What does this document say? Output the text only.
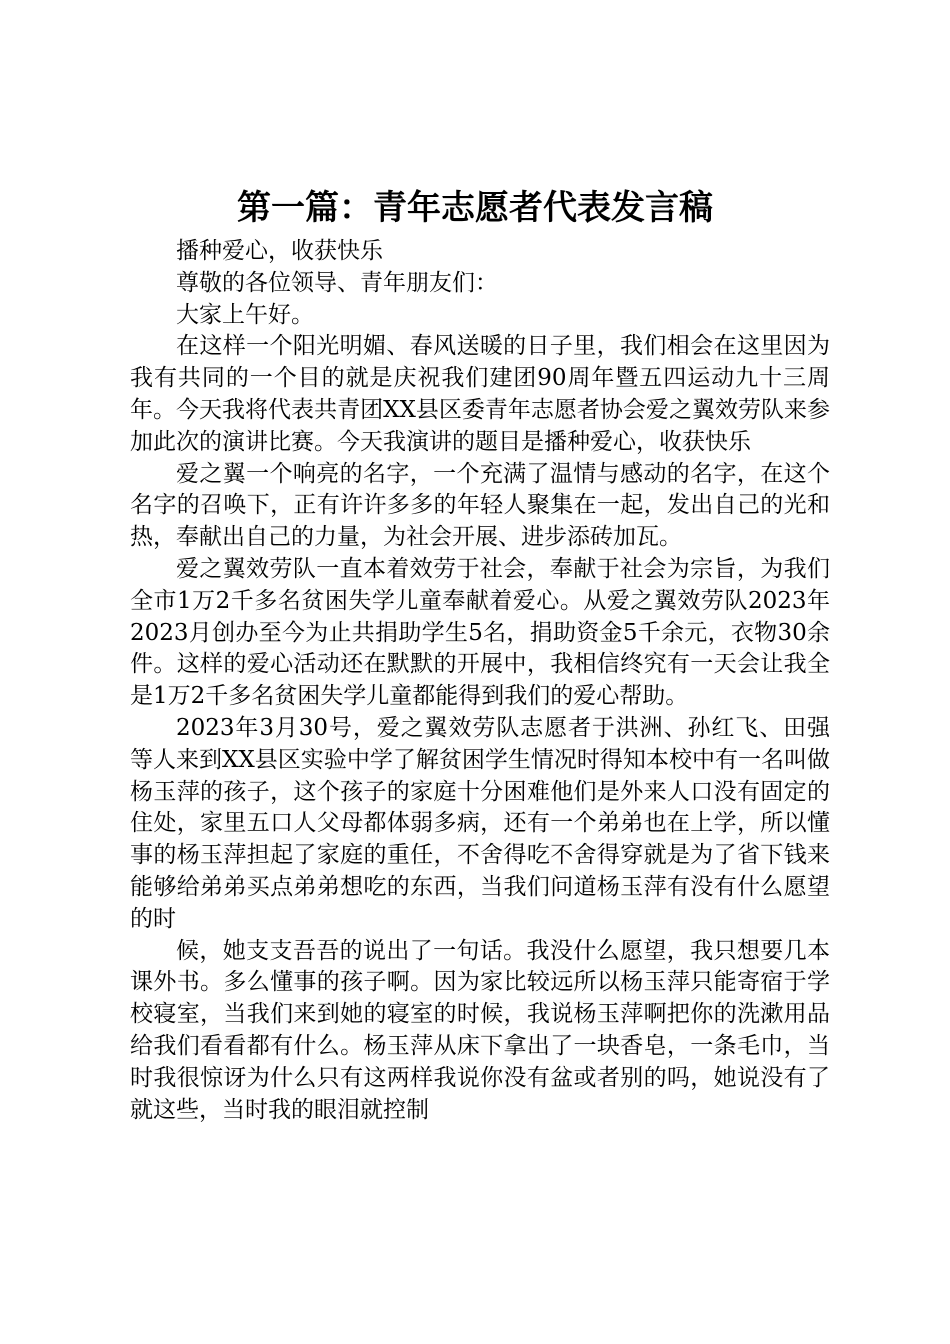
第一篇：青年志愿者代表发言稿

播种爱心，收获快乐

尊敬的各位领导、青年朋友们：

大家上午好。

在这样一个阳光明媚、春风送暖的日子里，我们相会在这里因为我有共同的一个目的就是庆祝我们建团90周年暨五四运动九十三周年。今天我将代表共青团XX县区委青年志愿者协会爱之翼效劳队来参加此次的演讲比赛。今天我演讲的题目是播种爱心，收获快乐

爱之翼一个响亮的名字，一个充满了温情与感动的名字，在这个名字的召唤下，正有许许多多的年轻人聚集在一起，发出自己的光和热，奉献出自己的力量，为社会开展、进步添砖加瓦。

爱之翼效劳队一直本着效劳于社会，奉献于社会为宗旨，为我们全市1万2千多名贫困失学儿童奉献着爱心。从爱之翼效劳队2023年2023月创办至今为止共捐助学生5名，捐助资金5千余元，衣物30余件。这样的爱心活动还在默默的开展中，我相信终究有一天会让我全是1万2千多名贫困失学儿童都能得到我们的爱心帮助。

2023年3月30号，爱之翼效劳队志愿者于洪洲、孙红飞、田强等人来到XX县区实验中学了解贫困学生情况时得知本校中有一名叫做杨玉萍的孩子，这个孩子的家庭十分困难他们是外来人口没有固定的住处，家里五口人父母都体弱多病，还有一个弟弟也在上学，所以懂事的杨玉萍担起了家庭的重任，不舍得吃不舍得穿就是为了省下钱来能够给弟弟买点弟弟想吃的东西，当我们问道杨玉萍有没有什么愿望的时

候，她支支吾吾的说出了一句话。我没什么愿望，我只想要几本课外书。多么懂事的孩子啊。因为家比较远所以杨玉萍只能寄宿于学校寝室，当我们来到她的寝室的时候，我说杨玉萍啊把你的洗漱用品给我们看看都有什么。杨玉萍从床下拿出了一块香皂，一条毛巾，当时我很惊讶为什么只有这两样我说你没有盆或者别的吗，她说没有了就这些，当时我的眼泪就控制
